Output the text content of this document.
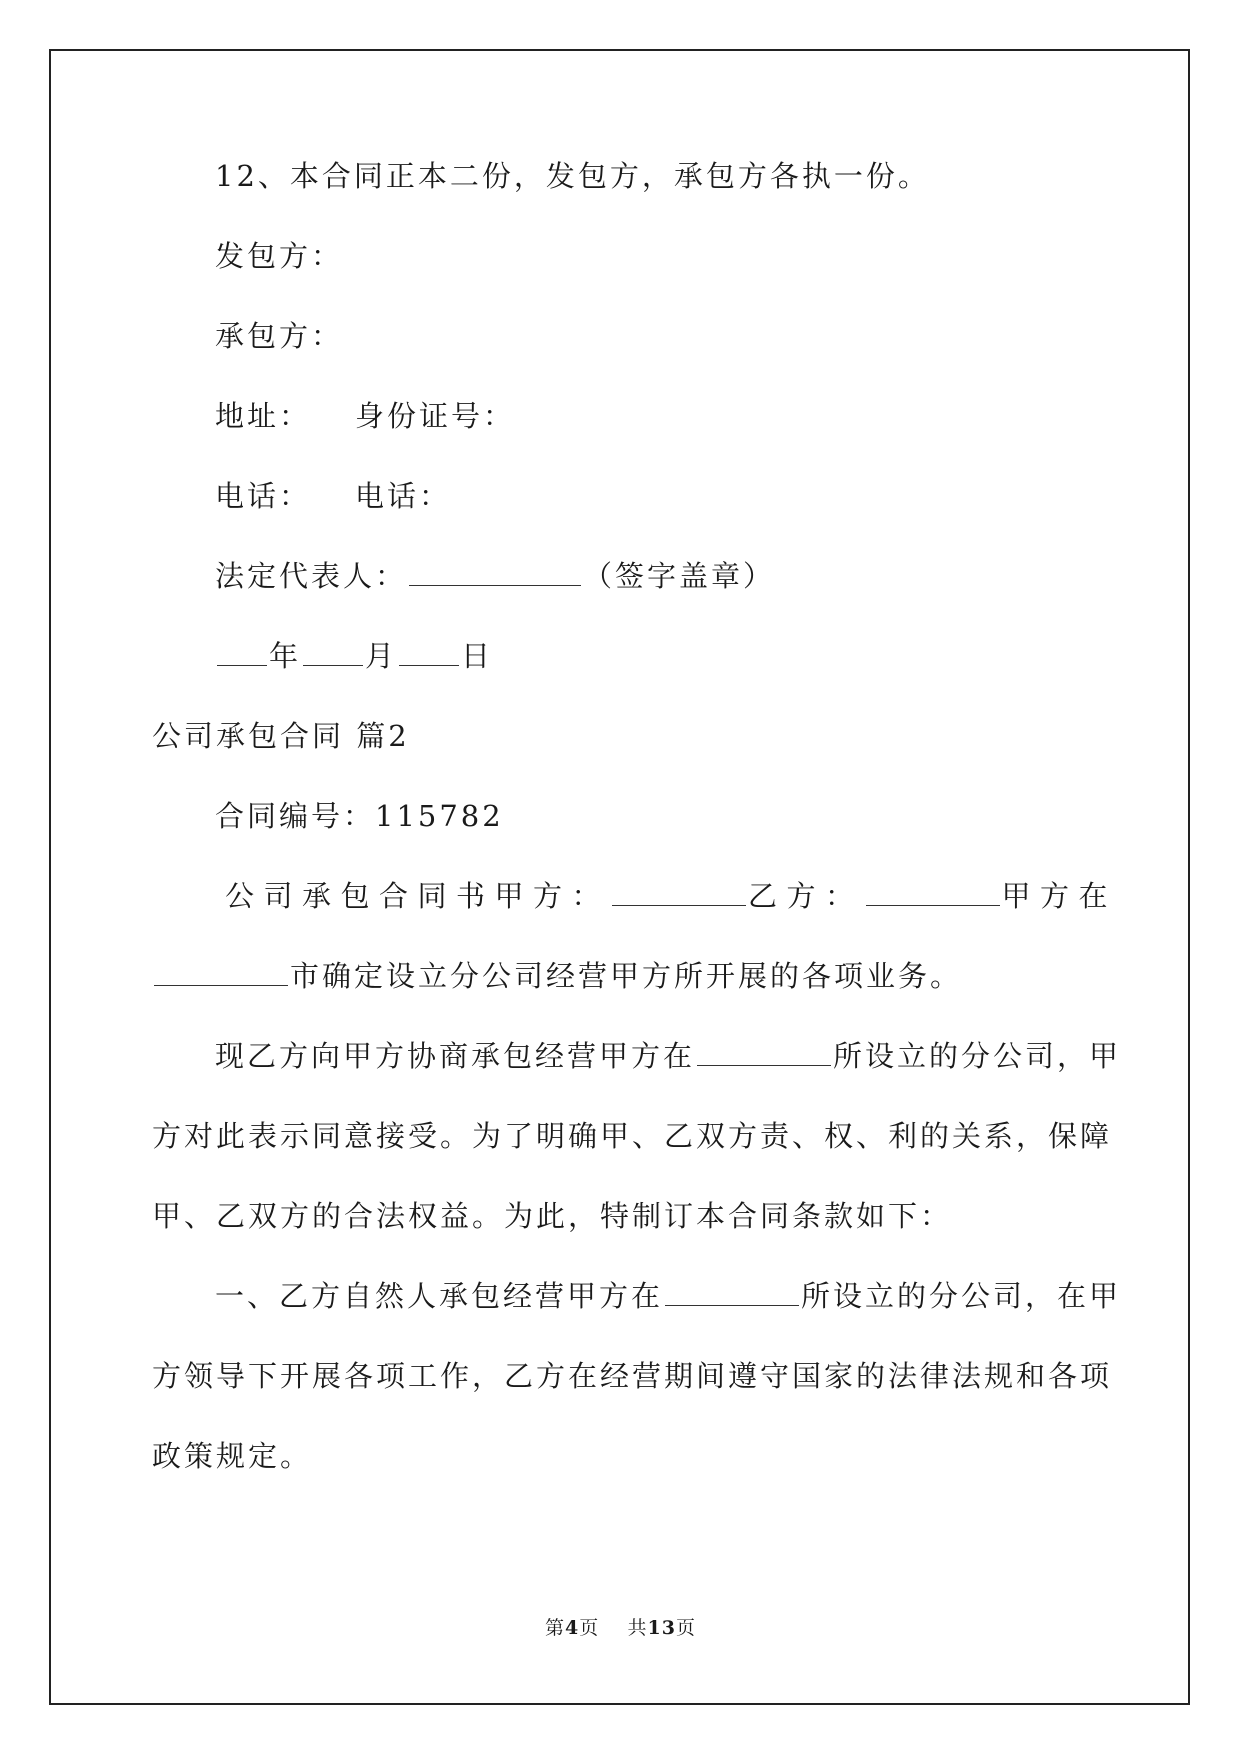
12、本合同正本二份，发包方，承包方各执一份。
发包方：
承包方：
地址： 身份证号：
电话： 电话：
法定代表人：	（签字盖章）
年 月 日
公司承包合同 篇2
合同编号：115782
公司承包合同书甲方：	乙方：	甲方在
市确定设立分公司经营甲方所开展的各项业务。
现乙方向甲方协商承包经营甲方在	所设立的分公司，甲
方对此表示同意接受。为了明确甲、乙双方责、权、利的关系，保障
甲、乙双方的合法权益。为此，特制订本合同条款如下：
一、乙方自然人承包经营甲方在	所设立的分公司，在甲
方领导下开展各项工作，乙方在经营期间遵守国家的法律法规和各项
政策规定。
第4页 共13页
